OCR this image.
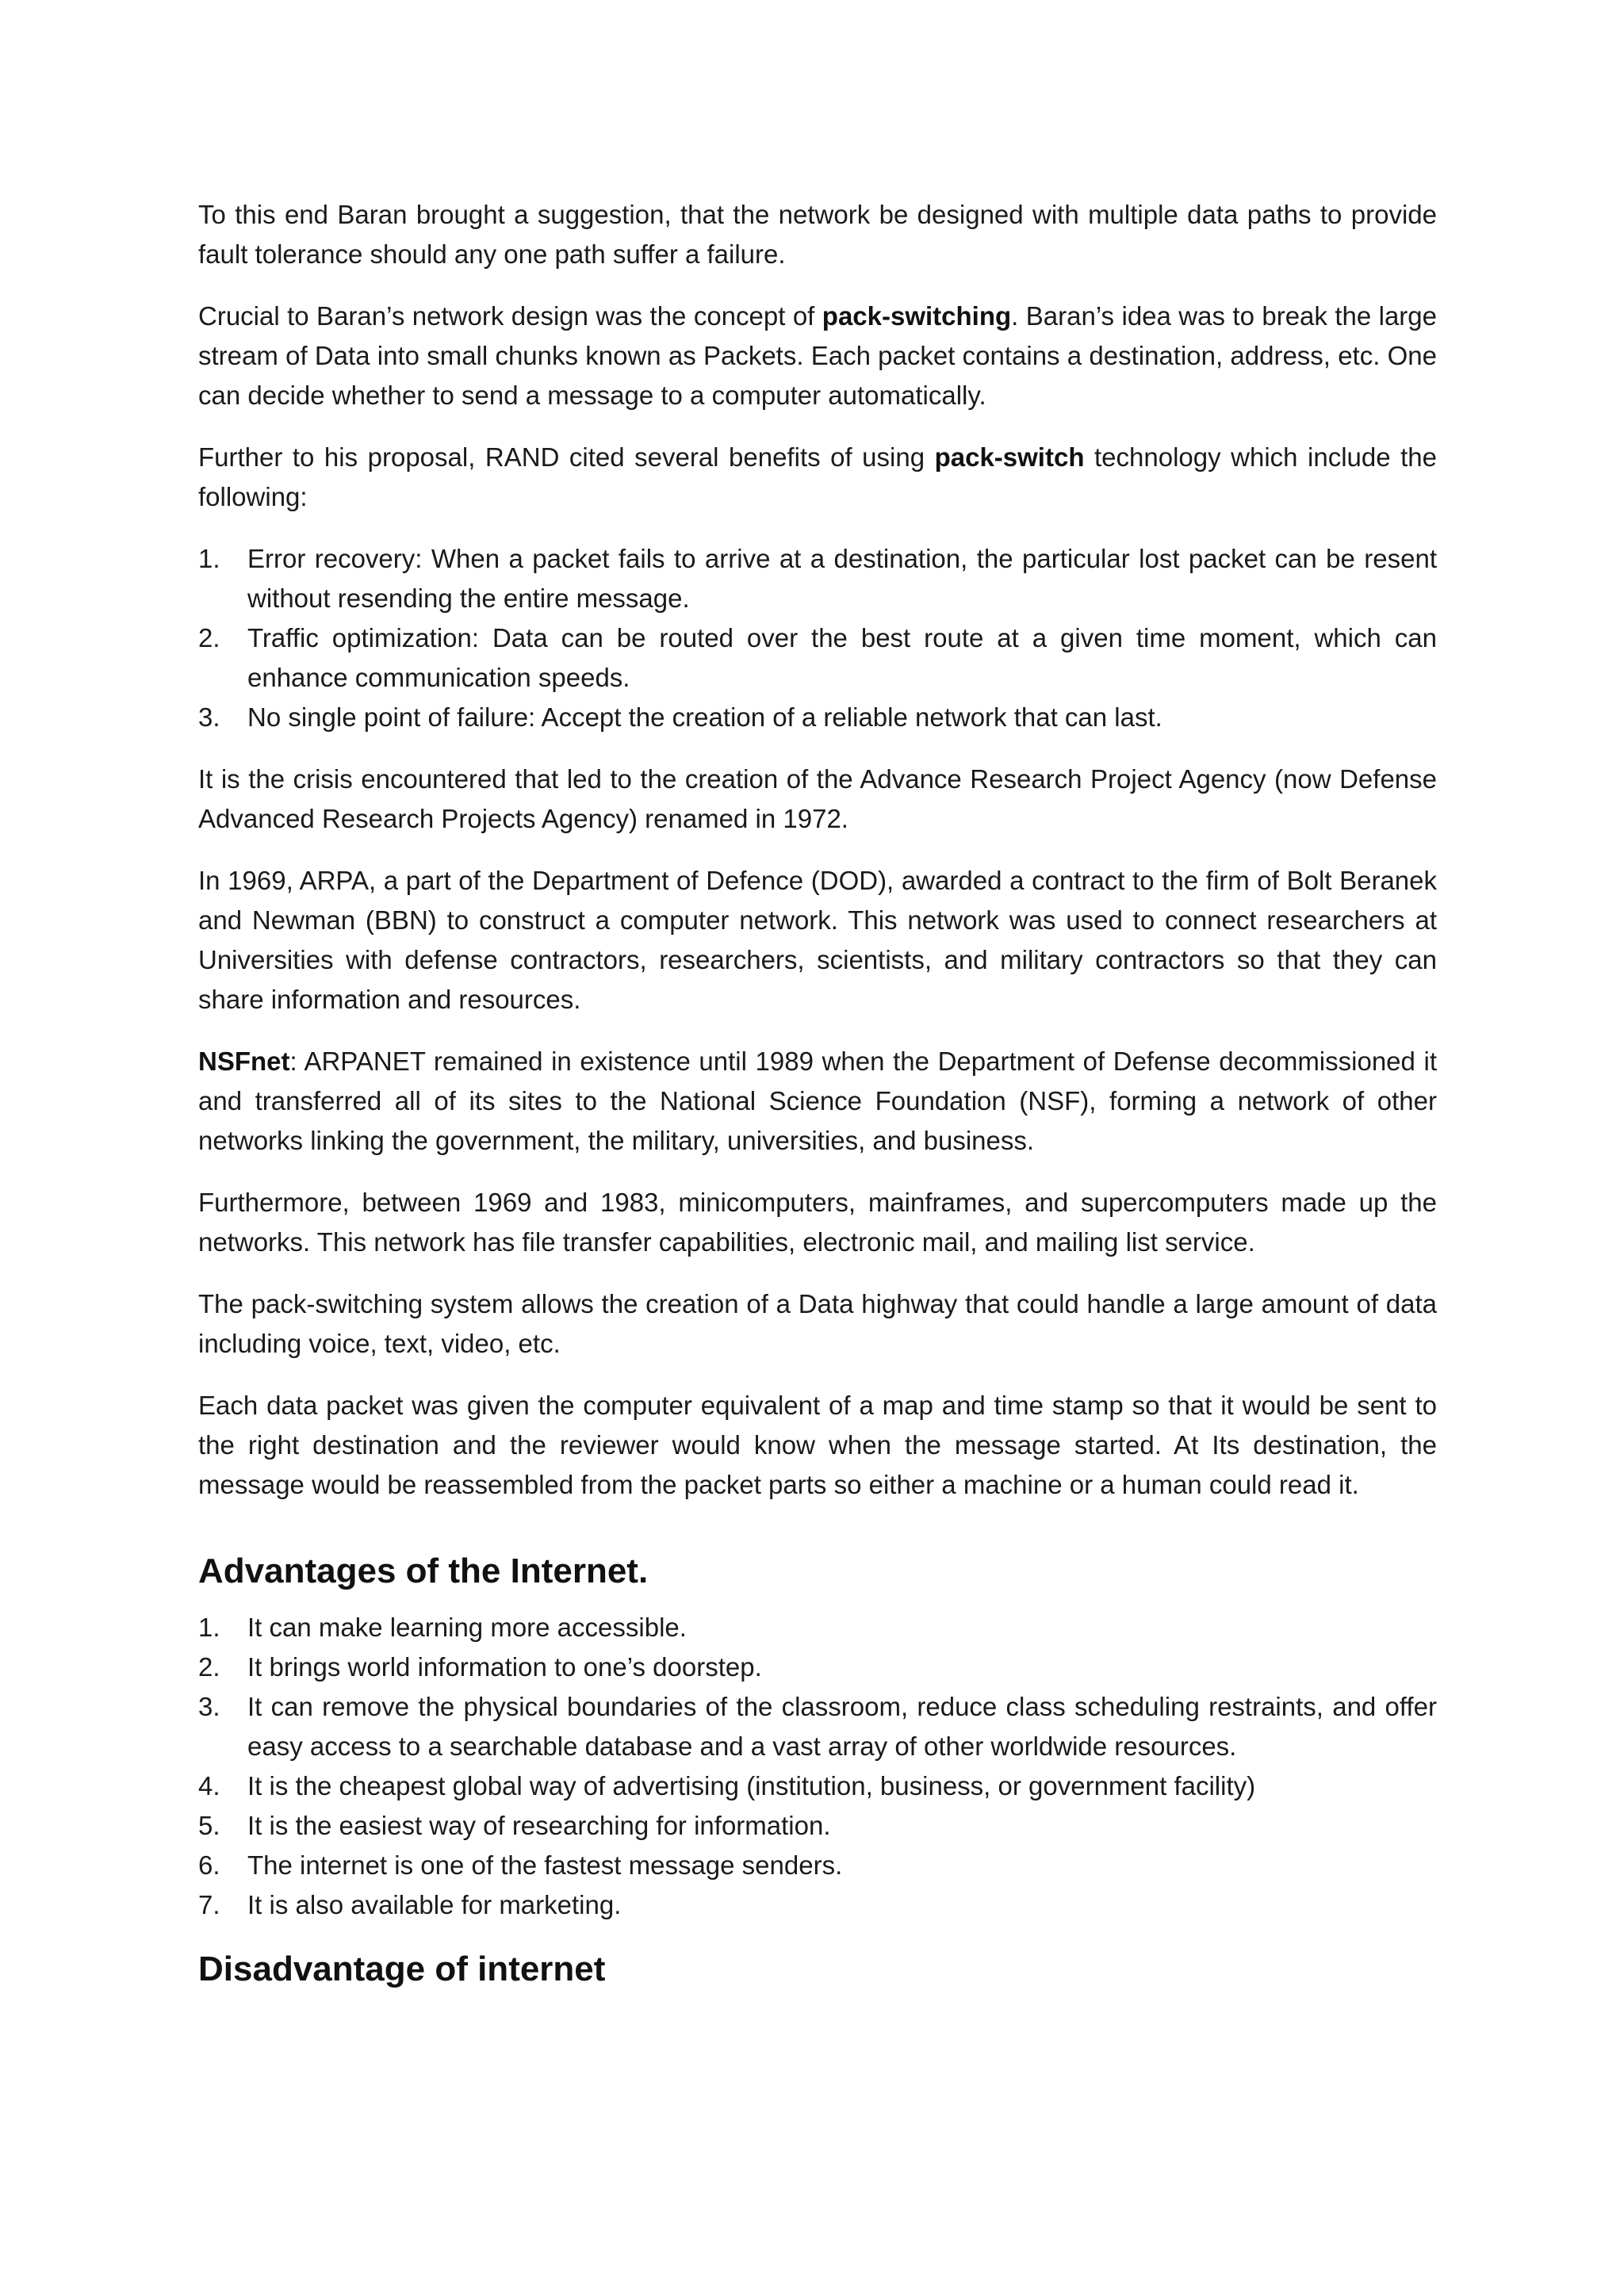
To this end Baran brought a suggestion, that the network be designed with multiple data paths to provide fault tolerance should any one path suffer a failure.

Crucial to Baran’s network design was the concept of pack-switching. Baran’s idea was to break the large stream of Data into small chunks known as Packets. Each packet contains a destination, address, etc. One can decide whether to send a message to a computer automatically.

Further to his proposal, RAND cited several benefits of using pack-switch technology which include the following:

1. Error recovery: When a packet fails to arrive at a destination, the particular lost packet can be resent without resending the entire message.
2. Traffic optimization: Data can be routed over the best route at a given time moment, which can enhance communication speeds.
3. No single point of failure: Accept the creation of a reliable network that can last.

It is the crisis encountered that led to the creation of the Advance Research Project Agency (now Defense Advanced Research Projects Agency) renamed in 1972.

In 1969, ARPA, a part of the Department of Defence (DOD), awarded a contract to the firm of Bolt Beranek and Newman (BBN) to construct a computer network. This network was used to connect researchers at Universities with defense contractors, researchers, scientists, and military contractors so that they can share information and resources.

NSFnet: ARPANET remained in existence until 1989 when the Department of Defense decommissioned it and transferred all of its sites to the National Science Foundation (NSF), forming a network of other networks linking the government, the military, universities, and business.

Furthermore, between 1969 and 1983, minicomputers, mainframes, and supercomputers made up the networks. This network has file transfer capabilities, electronic mail, and mailing list service.

The pack-switching system allows the creation of a Data highway that could handle a large amount of data including voice, text, video, etc.

Each data packet was given the computer equivalent of a map and time stamp so that it would be sent to the right destination and the reviewer would know when the message started. At Its destination, the message would be reassembled from the packet parts so either a machine or a human could read it.

Advantages of the Internet.
1. It can make learning more accessible.
2. It brings world information to one’s doorstep.
3. It can remove the physical boundaries of the classroom, reduce class scheduling restraints, and offer easy access to a searchable database and a vast array of other worldwide resources.
4. It is the cheapest global way of advertising (institution, business, or government facility)
5. It is the easiest way of researching for information.
6. The internet is one of the fastest message senders.
7. It is also available for marketing.
Disadvantage of internet
